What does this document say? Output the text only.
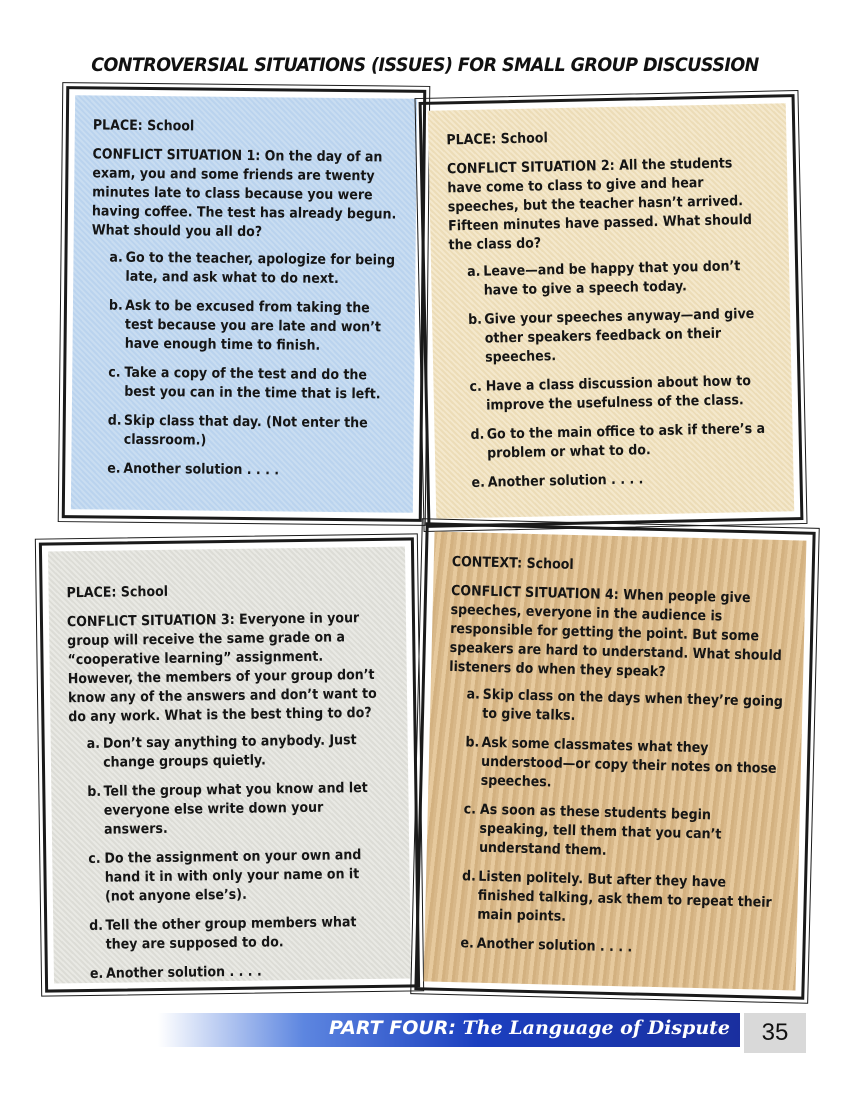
CONTROVERSIAL SITUATIONS (ISSUES) FOR SMALL GROUP DISCUSSION
PLACE: School
CONFLICT SITUATION 1: On the day of an exam, you and some friends are twenty minutes late to class because you were having coffee. The test has already begun. What should you all do?
a. Go to the teacher, apologize for being late, and ask what to do next.
b. Ask to be excused from taking the test because you are late and won’t have enough time to finish.
c. Take a copy of the test and do the best you can in the time that is left.
d. Skip class that day. (Not enter the classroom.)
e. Another solution . . . .
PLACE: School
CONFLICT SITUATION 2: All the students have come to class to give and hear speeches, but the teacher hasn’t arrived. Fifteen minutes have passed. What should the class do?
a. Leave—and be happy that you don’t have to give a speech today.
b. Give your speeches anyway—and give other speakers feedback on their speeches.
c. Have a class discussion about how to improve the usefulness of the class.
d. Go to the main office to ask if there’s a problem or what to do.
e. Another solution . . . .
PLACE: School
CONFLICT SITUATION 3: Everyone in your group will receive the same grade on a “cooperative learning” assignment. However, the members of your group don’t know any of the answers and don’t want to do any work. What is the best thing to do?
a. Don’t say anything to anybody. Just change groups quietly.
b. Tell the group what you know and let everyone else write down your answers.
c. Do the assignment on your own and hand it in with only your name on it (not anyone else’s).
d. Tell the other group members what they are supposed to do.
e. Another solution . . . .
CONTEXT: School
CONFLICT SITUATION 4: When people give speeches, everyone in the audience is responsible for getting the point. But some speakers are hard to understand. What should listeners do when they speak?
a. Skip class on the days when they’re going to give talks.
b. Ask some classmates what they understood—or copy their notes on those speeches.
c. As soon as these students begin speaking, tell them that you can’t understand them.
d. Listen politely. But after they have finished talking, ask them to repeat their main points.
e. Another solution . . . .
PART FOUR: The Language of Dispute	35
